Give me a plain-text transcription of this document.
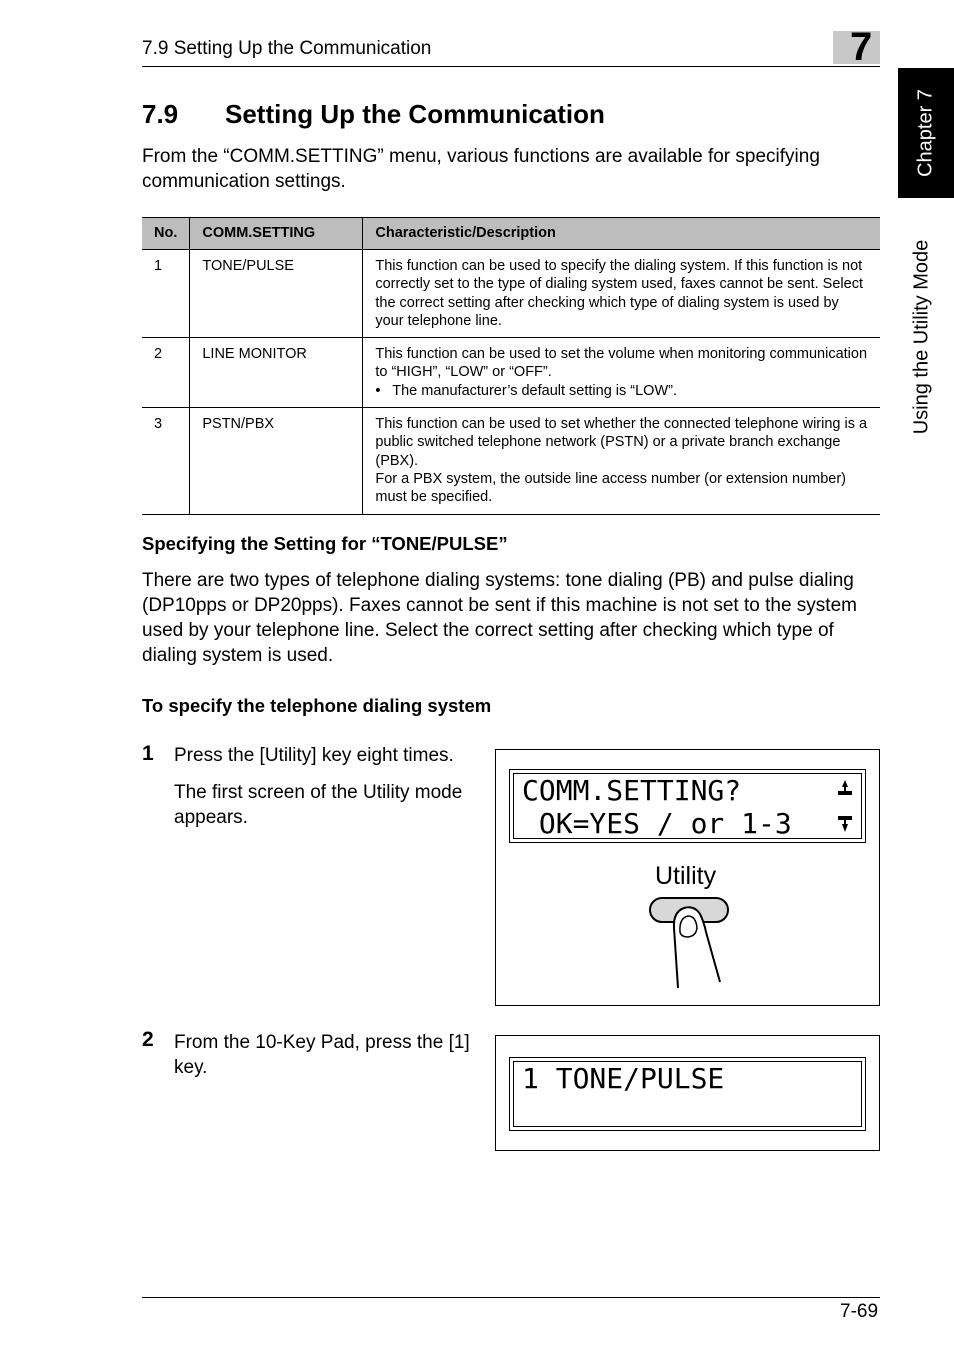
7.9 Setting Up the Communication	7
Chapter 7
Using the Utility Mode
7.9 Setting Up the Communication
From the “COMM.SETTING” menu, various functions are available for specifying communication settings.
No.	COMM.SETTING	Characteristic/Description
1	TONE/PULSE	This function can be used to specify the dialing system. If this function is not correctly set to the type of dialing system used, faxes cannot be sent. Select the correct setting after checking which type of dialing system is used by your telephone line.
2	LINE MONITOR	This function can be used to set the volume when monitoring communication to “HIGH”, “LOW” or “OFF”.
•   The manufacturer’s default setting is “LOW”.

3	PSTN/PBX	This function can be used to set whether the connected telephone wiring is a public switched telephone network (PSTN) or a private branch exchange (PBX).
For a PBX system, the outside line access number (or extension number) must be specified.
Specifying the Setting for “TONE/PULSE”
There are two types of telephone dialing systems: tone dialing (PB) and pulse dialing (DP10pps or DP20pps). Faxes cannot be sent if this machine is not set to the system used by your telephone line. Select the correct setting after checking which type of dialing system is used.
To specify the telephone dialing system
1 Press the [Utility] key eight times.
The first screen of the Utility mode appears.
COMM.SETTING?
OK=YES / or 1-3
Utility
2 From the 10-Key Pad, press the [1] key.	1 TONE/PULSE
7-69
